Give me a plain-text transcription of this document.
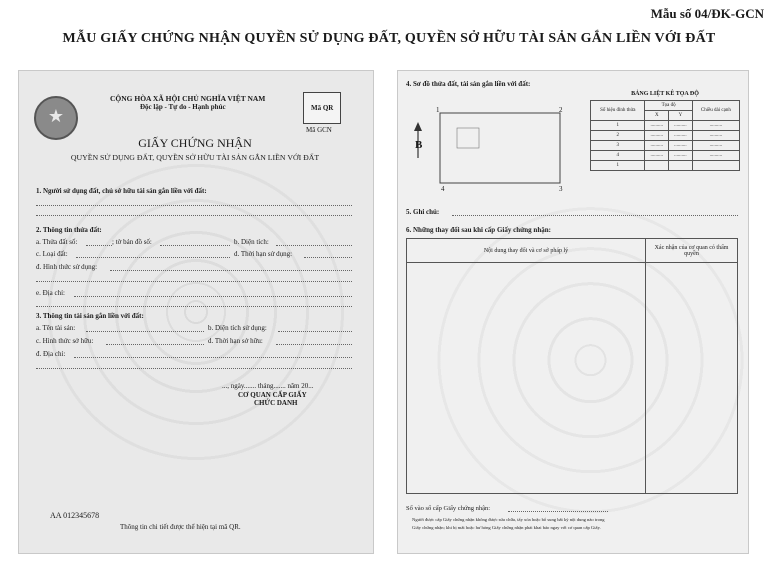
Mẫu số 04/ĐK-GCN
MẪU GIẤY CHỨNG NHẬN QUYỀN SỬ DỤNG ĐẤT, QUYỀN SỞ HỮU TÀI SẢN GẮN LIỀN VỚI ĐẤT
★
CỘNG HÒA XÃ HỘI CHỦ NGHĨA VIỆT NAM
Độc lập - Tự do - Hạnh phúc	Mã QR
Mã GCN
GIẤY CHỨNG NHẬN
QUYỀN SỬ DỤNG ĐẤT, QUYỀN SỞ HỮU TÀI SẢN GẮN LIỀN VỚI ĐẤT
1. Người sử dụng đất, chủ sở hữu tài sản gắn liền với đất:
2. Thông tin thửa đất:
a. Thửa đất số:	; tờ bản đồ số:	b. Diện tích:
c. Loại đất:	d. Thời hạn sử dụng:
đ. Hình thức sử dụng:
e. Địa chỉ:
3. Thông tin tài sản gắn liền với đất:
a. Tên tài sản:	b. Diện tích sử dụng:
c. Hình thức sở hữu:	d. Thời hạn sở hữu:
đ. Địa chỉ:
..., ngày....... tháng....... năm 20...
CƠ QUAN CẤP GIẤY
CHỨC DANH
AA 012345678
Thông tin chi tiết được thể hiện tại mã QR.
4. Sơ đồ thửa đất, tài sản gắn liền với đất:
B
1	2
3
4
BẢNG LIỆT KÊ TỌA ĐỘ
Số hiệu đỉnh thửa	Tọa độ		Chiều dài cạnh
	X	Y	
1	..........	..........	..........
2	..........	..........	..........
3	..........	..........	..........
4	..........	..........	..........
1			
5. Ghi chú:
6. Những thay đổi sau khi cấp Giấy chứng nhận:
Nội dung thay đổi và cơ sở pháp lý	Xác nhận của cơ quan có thẩm quyền

Số vào sổ cấp Giấy chứng nhận:
Người được cấp Giấy chứng nhận không được sửa chữa, tẩy xóa hoặc bổ sung bất kỳ nội dung nào trong
Giấy chứng nhận; khi bị mất hoặc hư hỏng Giấy chứng nhận phải khai báo ngay với cơ quan cấp Giấy.
